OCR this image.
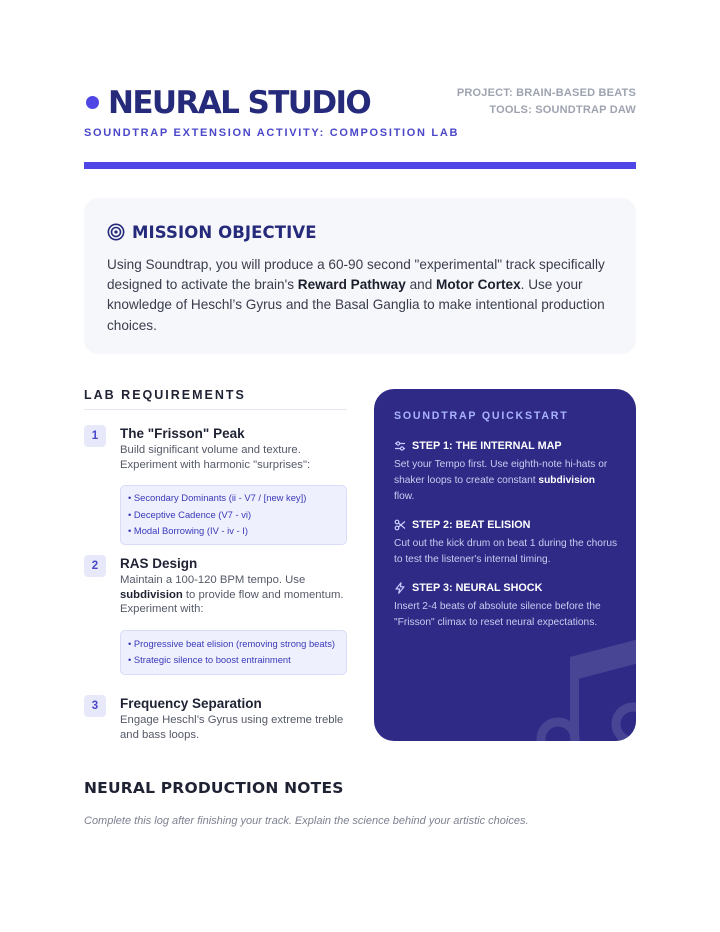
NEURAL STUDIO
SOUNDTRAP EXTENSION ACTIVITY: COMPOSITION LAB
PROJECT: BRAIN-BASED BEATS
TOOLS: SOUNDTRAP DAW
MISSION OBJECTIVE

Using Soundtrap, you will produce a 60-90 second "experimental" track specifically designed to activate the brain's Reward Pathway and Motor Cortex. Use your knowledge of Heschl’s Gyrus and the Basal Ganglia to make intentional production choices.

LAB REQUIREMENTS
1	The "Frisson" Peak
Build significant volume and texture. Experiment with harmonic "surprises":
• Secondary Dominants (ii - V7 / [new key])
• Deceptive Cadence (V7 - vi)
• Modal Borrowing (IV - iv - I)
2	RAS Design
Maintain a 100-120 BPM tempo. Use subdivision to provide flow and momentum. Experiment with:
• Progressive beat elision (removing strong beats)
• Strategic silence to boost entrainment
3	Frequency Separation
Engage Heschl’s Gyrus using extreme treble and bass loops.
SOUNDTRAP QUICKSTART
STEP 1: THE INTERNAL MAP
Set your Tempo first. Use eighth-note hi-hats or shaker loops to create constant subdivision flow.
STEP 2: BEAT ELISION
Cut out the kick drum on beat 1 during the chorus to test the listener's internal timing.
STEP 3: NEURAL SHOCK
Insert 2-4 beats of absolute silence before the "Frisson" climax to reset neural expectations.
NEURAL PRODUCTION NOTES
Complete this log after finishing your track. Explain the science behind your artistic choices.
